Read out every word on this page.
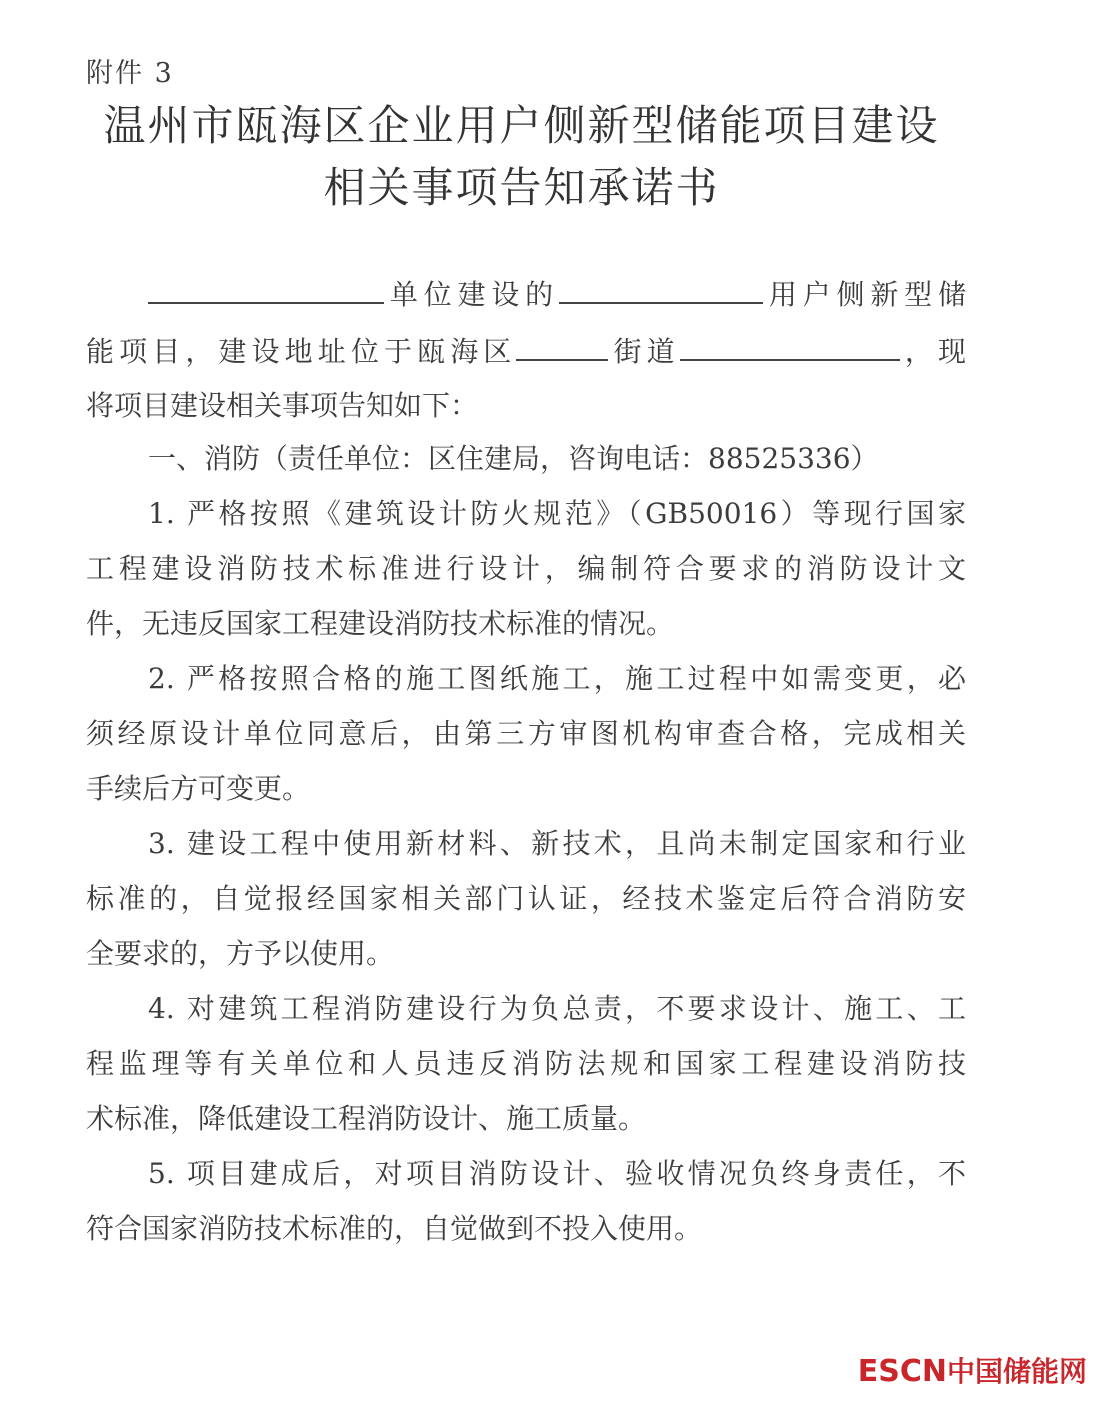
附件 3
温州市瓯海区企业用户侧新型储能项目建设
相关事项告知承诺书
单位建设的	用户侧新型储
能项目，建设地址位于瓯海区	街道	，现
将项目建设相关事项告知如下：
一、消防（责任单位：区住建局，咨询电话：88525336）
1. 严格按照《建筑设计防火规范》（GB50016）等现行国家
工程建设消防技术标准进行设计，编制符合要求的消防设计文
件，无违反国家工程建设消防技术标准的情况。
2. 严格按照合格的施工图纸施工，施工过程中如需变更，必
须经原设计单位同意后，由第三方审图机构审查合格，完成相关
手续后方可变更。
3. 建设工程中使用新材料、新技术，且尚未制定国家和行业
标准的，自觉报经国家相关部门认证，经技术鉴定后符合消防安
全要求的，方予以使用。
4. 对建筑工程消防建设行为负总责，不要求设计、施工、工
程监理等有关单位和人员违反消防法规和国家工程建设消防技
术标准，降低建设工程消防设计、施工质量。
5. 项目建成后，对项目消防设计、验收情况负终身责任，不
符合国家消防技术标准的，自觉做到不投入使用。
ESCN中国储能网
